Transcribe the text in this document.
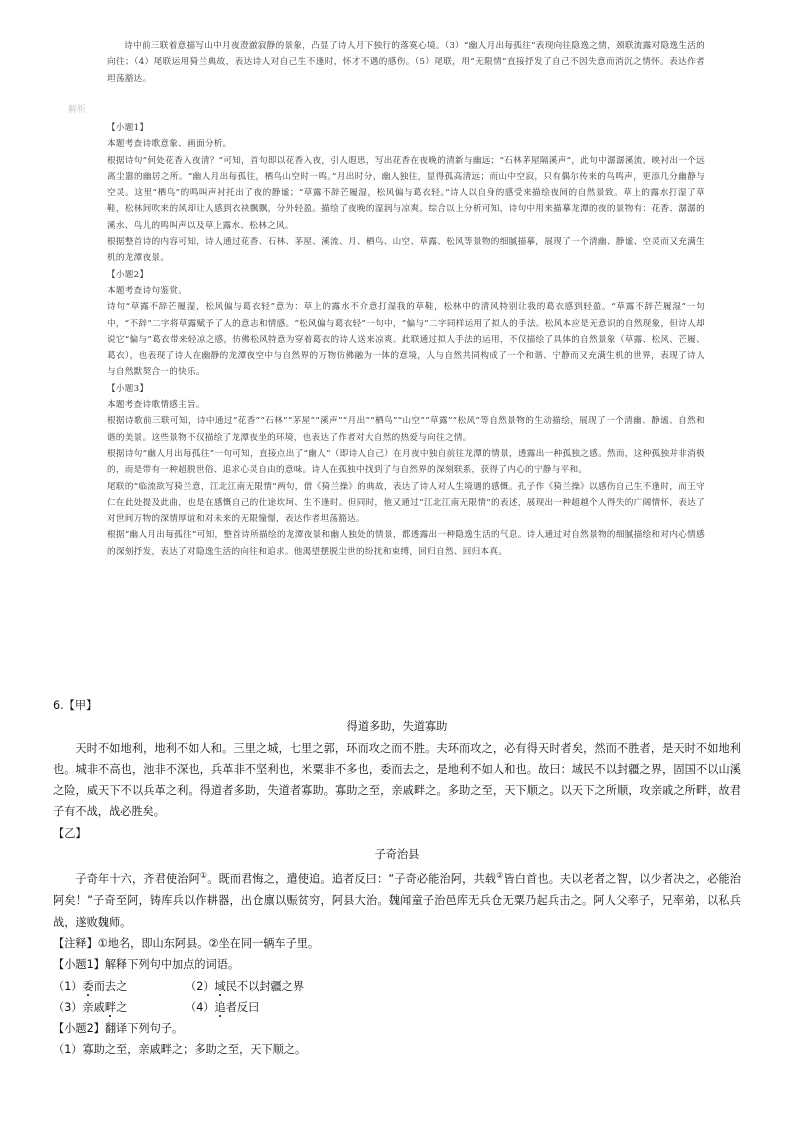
诗中前三联着意描写山中月夜澄澈寂静的景象，凸显了诗人月下独行的落寞心境。（3）“幽人月出每孤往”表现向往隐逸之情，颈联流露对隐逸生活的向往；（4）尾联运用猗兰典故，表达诗人对自己生不逢时，怀才不遇的感伤。（5）尾联，用“无限情”直接抒发了自己不因失意而消沉之情怀。表达作者坦荡豁达。

解析

【小题1】

本题考查诗歌意象、画面分析。

根据诗句“何处花香入夜清？”可知，首句即以花香入夜，引人遐思，写出花香在夜晚的清新与幽远；“石林茅屋隔溪声”，此句中潺潺溪流，映衬出一个远离尘嚣的幽居之所。“幽人月出每孤往，栖鸟山空时一鸣。”月出时分，幽人独往，显得孤高清远；而山中空寂，只有偶尔传来的鸟鸣声，更添几分幽静与空灵。这里“栖鸟”的鸣叫声衬托出了夜的静谧；“草露不辞芒履湿，松风偏与葛衣轻。”诗人以自身的感受来描绘夜间的自然景致。草上的露水打湿了草鞋，松林间吹来的风却让人感到衣袂飘飘，分外轻盈。描绘了夜晚的湿润与凉爽。综合以上分析可知，诗句中用来描摹龙潭的夜的景物有：花香、潺潺的溪水、鸟儿的鸣叫声以及草上露水、松林之风。

根据整首诗的内容可知，诗人通过花香、石林、茅屋、溪流、月、栖鸟、山空、草露、松风等景物的细腻描摹，展现了一个清幽、静谧、空灵而又充满生机的龙潭夜景。

【小题2】

本题考查诗句鉴赏。

诗句“草露不辞芒履湿，松风偏与葛衣轻”意为：草上的露水不介意打湿我的草鞋，松林中的清风特别让我的葛衣感到轻盈。“草露不辞芒履湿”一句中，“不辞”二字将草露赋予了人的意志和情感。“松风偏与葛衣轻”一句中，“偏与”二字同样运用了拟人的手法。松风本应是无意识的自然现象，但诗人却说它“偏与”葛衣带来轻凉之感，仿佛松风特意为穿着葛衣的诗人送来凉爽。此联通过拟人手法的运用，不仅描绘了具体的自然景象（草露、松风、芒履、葛衣），也表现了诗人在幽静的龙潭夜空中与自然界的万物仿佛融为一体的意境，人与自然共同构成了一个和谐、宁静而又充满生机的世界，表现了诗人与自然默契合一的快乐。

【小题3】

本题考查诗歌情感主旨。

根据诗歌前三联可知，诗中通过“花香”“石林”“茅屋”“溪声”“月出”“栖鸟”“山空”“草露”“松风”等自然景物的生动描绘，展现了一个清幽、静谧、自然和谐的美景。这些景物不仅描绘了龙潭夜坐的环境，也表达了作者对大自然的热爱与向往之情。

根据诗句“幽人月出每孤往”一句可知，直接点出了“幽人”（即诗人自己）在月夜中独自前往龙潭的情景，透露出一种孤独之感。然而，这种孤独并非消极的，而是带有一种超脱世俗、追求心灵自由的意味。诗人在孤独中找到了与自然界的深刻联系，获得了内心的宁静与平和。

尾联的“临流欲写猗兰意，江北江南无限情”两句，借《猗兰操》的典故，表达了诗人对人生境遇的感慨。孔子作《猗兰操》以感伤自己生不逢时，而王守仁在此处提及此曲，也是在感慨自己的仕途坎坷、生不逢时。但同时，他又通过“江北江南无限情”的表述，展现出一种超越个人得失的广阔情怀，表达了对世间万物的深情厚谊和对未来的无限憧憬，表达作者坦荡豁达。

根据“幽人月出每孤往”可知，整首诗所描绘的龙潭夜景和幽人独处的情景，都透露出一种隐逸生活的气息。诗人通过对自然景物的细腻描绘和对内心情感的深刻抒发，表达了对隐逸生活的向往和追求。他渴望摆脱尘世的纷扰和束缚，回归自然、回归本真。

6.【甲】

得道多助，失道寡助

天时不如地利，地利不如人和。三里之城，七里之郭，环而攻之而不胜。夫环而攻之，必有得天时者矣，然而不胜者，是天时不如地利也。城非不高也，池非不深也，兵革非不坚利也，米粟非不多也，委而去之，是地利不如人和也。故曰：域民不以封疆之界，固国不以山溪之险，威天下不以兵革之利。得道者多助，失道者寡助。寡助之至，亲戚畔之。多助之至，天下顺之。以天下之所顺，攻亲戚之所畔，故君子有不战，战必胜矣。

【乙】

子奇治县

子奇年十六，齐君使治阿①。既而君悔之，遣使追。追者反曰：“子奇必能治阿，共载②皆白首也。夫以老者之智，以少者决之，必能治阿矣！”子奇至阿，铸库兵以作耕器，出仓廪以赈贫穷，阿县大治。魏闻童子治邑库无兵仓无粟乃起兵击之。阿人父率子，兄率弟，以私兵战，遂败魏师。

【注释】①地名，即山东阿县。②坐在同一辆车子里。

【小题1】解释下列句中加点的词语。

（1）委而去之	（2）域民不以封疆之界

（3）亲戚畔之	（4）追者反曰

【小题2】翻译下列句子。

（1）寡助之至，亲戚畔之；多助之至，天下顺之。
